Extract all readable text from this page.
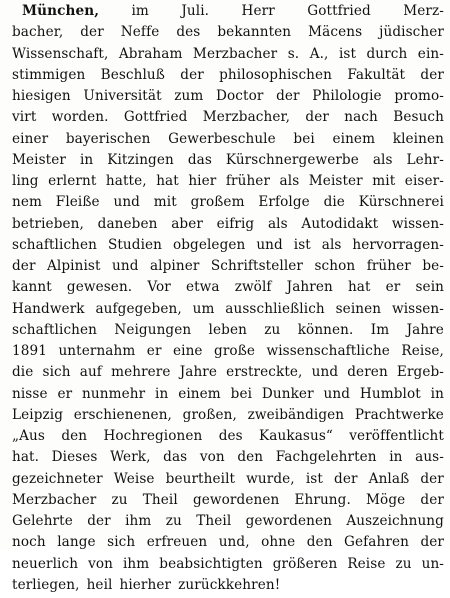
München, im Juli. Herr Gottfried Merz-
bacher, der Neffe des bekannten Mäcens jüdischer
Wissenschaft, Abraham Merzbacher s. A., ist durch ein-
stimmigen Beschluß der philosophischen Fakultät der
hiesigen Universität zum Doctor der Philologie promo-
virt worden. Gottfried Merzbacher, der nach Besuch
einer bayerischen Gewerbeschule bei einem kleinen
Meister in Kitzingen das Kürschnergewerbe als Lehr-
ling erlernt hatte, hat hier früher als Meister mit eiser-
nem Fleiße und mit großem Erfolge die Kürschnerei
betrieben, daneben aber eifrig als Autodidakt wissen-
schaftlichen Studien obgelegen und ist als hervorragen-
der Alpinist und alpiner Schriftsteller schon früher be-
kannt gewesen. Vor etwa zwölf Jahren hat er sein
Handwerk aufgegeben, um ausschließlich seinen wissen-
schaftlichen Neigungen leben zu können. Im Jahre
1891 unternahm er eine große wissenschaftliche Reise,
die sich auf mehrere Jahre erstreckte, und deren Ergeb-
nisse er nunmehr in einem bei Dunker und Humblot in
Leipzig erschienenen, großen, zweibändigen Prachtwerke
„Aus den Hochregionen des Kaukasus“ veröffentlicht
hat. Dieses Werk, das von den Fachgelehrten in aus-
gezeichneter Weise beurtheilt wurde, ist der Anlaß der
Merzbacher zu Theil gewordenen Ehrung. Möge der
Gelehrte der ihm zu Theil gewordenen Auszeichnung
noch lange sich erfreuen und, ohne den Gefahren der
neuerlich von ihm beabsichtigten größeren Reise zu un-
terliegen, heil hierher zurückkehren!
